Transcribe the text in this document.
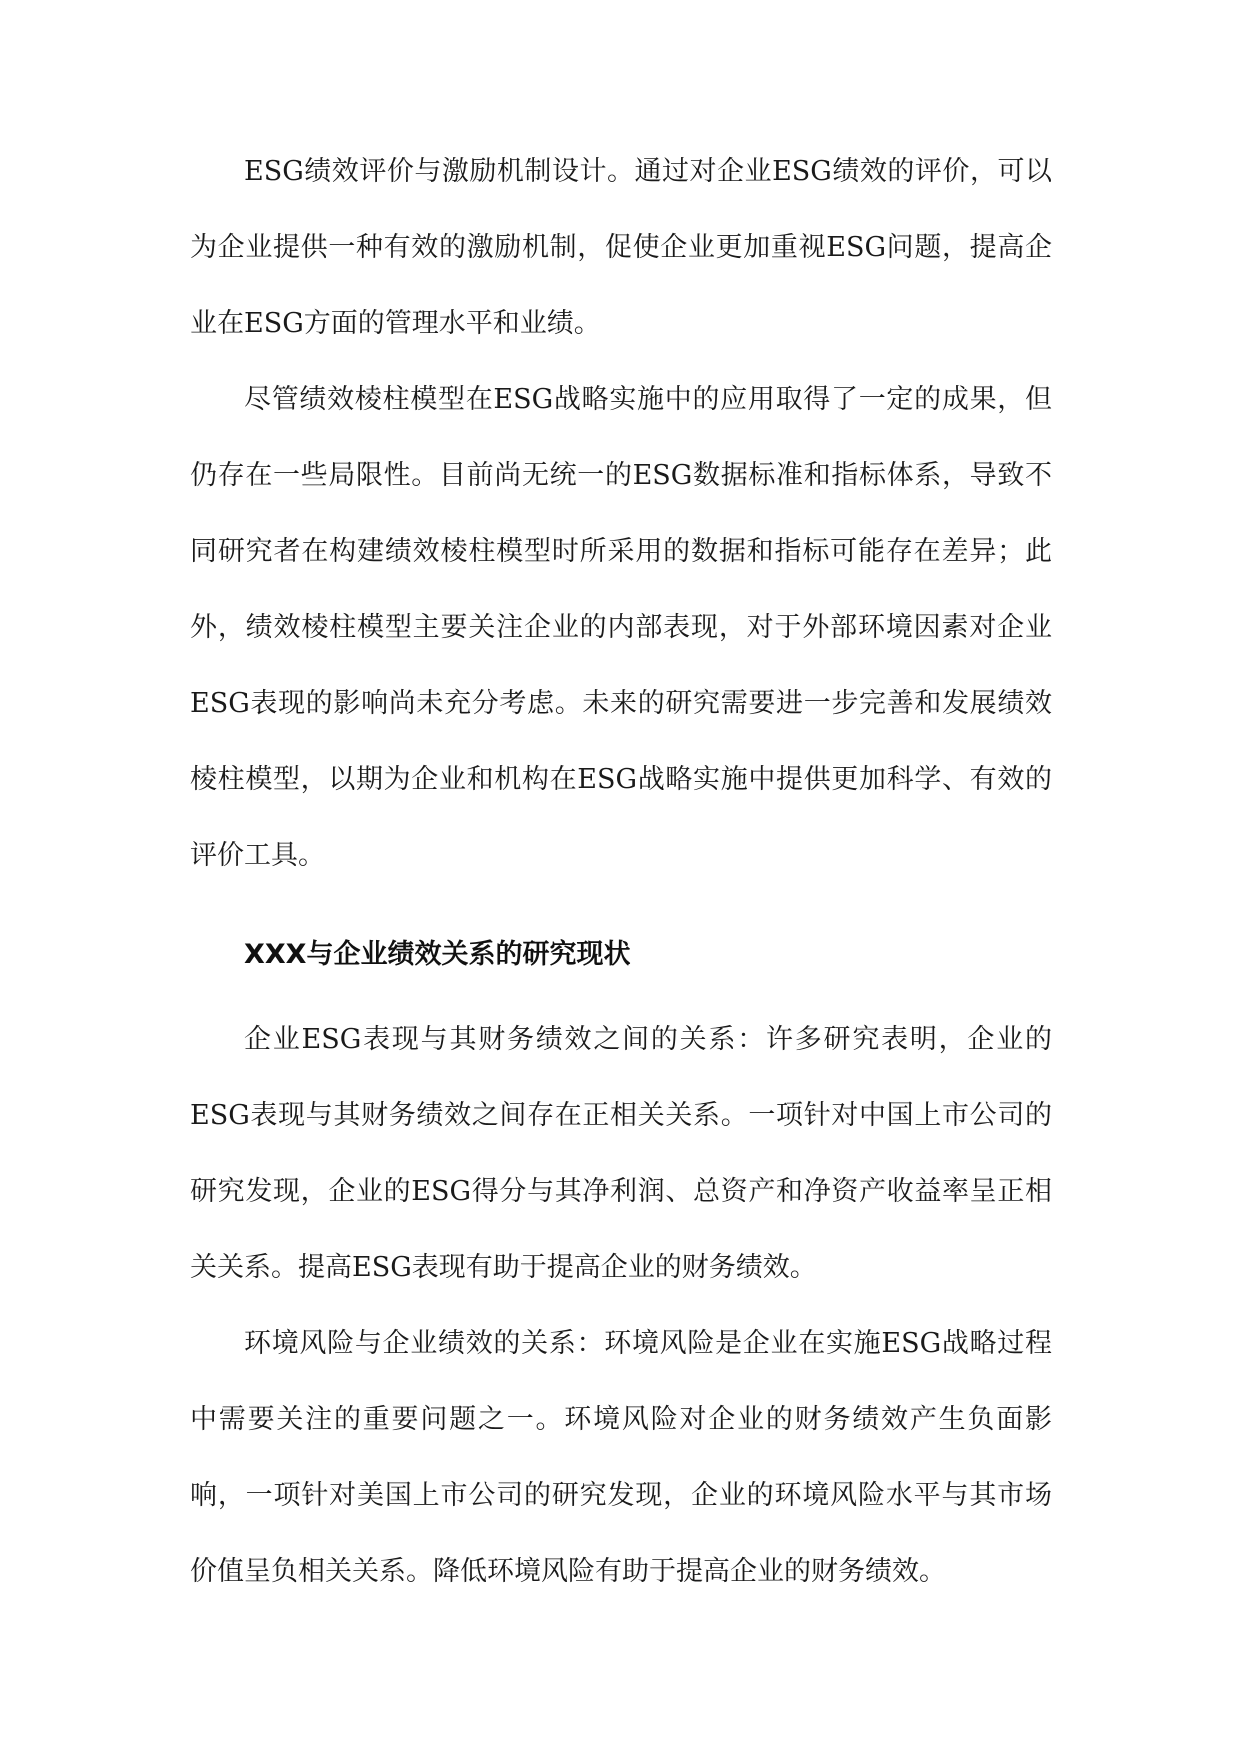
ESG绩效评价与激励机制设计。通过对企业ESG绩效的评价，可以为企业提供一种有效的激励机制，促使企业更加重视ESG问题，提高企业在ESG方面的管理水平和业绩。

尽管绩效棱柱模型在ESG战略实施中的应用取得了一定的成果，但仍存在一些局限性。目前尚无统一的ESG数据标准和指标体系，导致不同研究者在构建绩效棱柱模型时所采用的数据和指标可能存在差异；此外，绩效棱柱模型主要关注企业的内部表现，对于外部环境因素对企业ESG表现的影响尚未充分考虑。未来的研究需要进一步完善和发展绩效棱柱模型，以期为企业和机构在ESG战略实施中提供更加科学、有效的评价工具。

XXX与企业绩效关系的研究现状

企业ESG表现与其财务绩效之间的关系：许多研究表明，企业的ESG表现与其财务绩效之间存在正相关关系。一项针对中国上市公司的研究发现，企业的ESG得分与其净利润、总资产和净资产收益率呈正相关关系。提高ESG表现有助于提高企业的财务绩效。

环境风险与企业绩效的关系：环境风险是企业在实施ESG战略过程中需要关注的重要问题之一。环境风险对企业的财务绩效产生负面影响，一项针对美国上市公司的研究发现，企业的环境风险水平与其市场价值呈负相关关系。降低环境风险有助于提高企业的财务绩效。
